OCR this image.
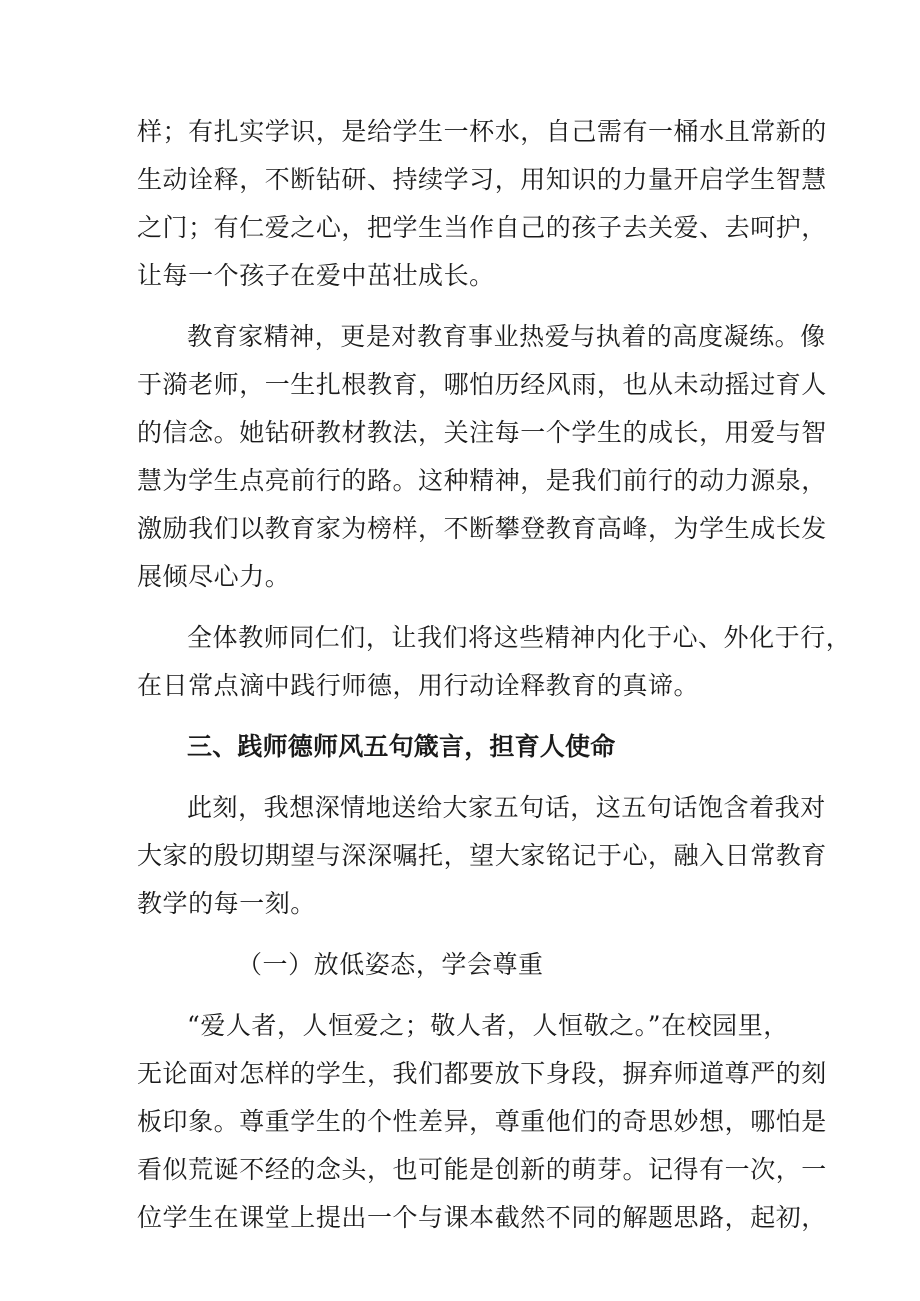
样；有扎实学识，是给学生一杯水，自己需有一桶水且常新的
生动诠释，不断钻研、持续学习，用知识的力量开启学生智慧
之门；有仁爱之心，把学生当作自己的孩子去关爱、去呵护，
让每一个孩子在爱中茁壮成长。
教育家精神，更是对教育事业热爱与执着的高度凝练。像
于漪老师，一生扎根教育，哪怕历经风雨，也从未动摇过育人
的信念。她钻研教材教法，关注每一个学生的成长，用爱与智
慧为学生点亮前行的路。这种精神，是我们前行的动力源泉，
激励我们以教育家为榜样，不断攀登教育高峰，为学生成长发
展倾尽心力。
全体教师同仁们，让我们将这些精神内化于心、外化于行，
在日常点滴中践行师德，用行动诠释教育的真谛。
三、践师德师风五句箴言，担育人使命
此刻，我想深情地送给大家五句话，这五句话饱含着我对
大家的殷切期望与深深嘱托，望大家铭记于心，融入日常教育
教学的每一刻。
（一）放低姿态，学会尊重
“爱人者，人恒爱之；敬人者，人恒敬之。”在校园里，
无论面对怎样的学生，我们都要放下身段，摒弃师道尊严的刻
板印象。尊重学生的个性差异，尊重他们的奇思妙想，哪怕是
看似荒诞不经的念头，也可能是创新的萌芽。记得有一次，一
位学生在课堂上提出一个与课本截然不同的解题思路，起初，
